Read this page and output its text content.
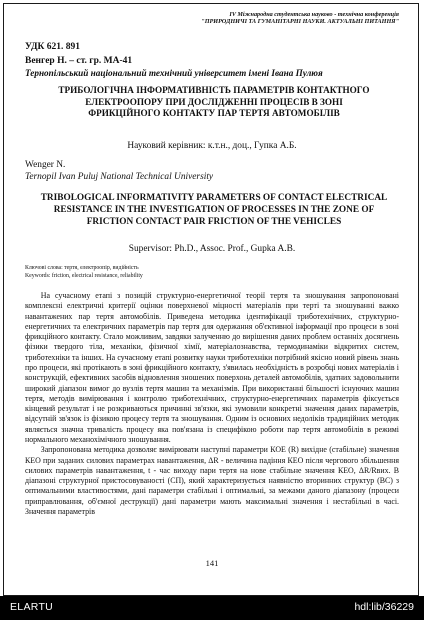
IV Міжнародна студентська науково - технічна конференція
"ПРИРОДНИЧІ ТА ГУМАНІТАРНІ НАУКИ. АКТУАЛЬНІ ПИТАННЯ"
УДК 621. 891
Венгер Н. – ст. гр. МА-41
Тернопільський національний технічний університет імені Івана Пулюя
ТРИБОЛОГІЧНА ІНФОРМАТИВНІСТЬ ПАРАМЕТРІВ КОНТАКТНОГО ЕЛЕКТРООПОРУ ПРИ ДОСЛІДЖЕННІ ПРОЦЕСІВ В ЗОНІ ФРИКЦІЙНОГО КОНТАКТУ ПАР ТЕРТЯ АВТОМОБІЛІВ
Науковий керівник: к.т.н., доц., Гупка А.Б.
Wenger N.
Ternopil Ivan Puluj National Technical University
TRIBOLOGICAL INFORMATIVITY PARAMETERS OF CONTACT ELECTRICAL RESISTANCE IN THE INVESTIGATION OF PROCESSES IN THE ZONE OF FRICTION CONTACT PAIR FRICTION OF THE VEHICLES
Supervisor: Ph.D., Assoc. Prof., Gupka A.B.
Ключові слова: тертя, електроопір, видійність
Keywords: friction, electrical resistance, reliability

На сучасному етапі з позицій структурно-енергетичної теорії тертя та зношування запропоновані комплексні електричні критерії оцінки поверхневої міцності матеріалів при терті та зношуванні важко навантажених пар тертя автомобілів. Приведена методика ідентифікації триботехнічних, структурно-енергетичних та електричних параметрів пар тертя для одержання об'єктивної інформації про процеси в зоні фрикційного контакту. Стало можливим, завдяки залученню до вирішення даних проблем останніх досягнень фізики твердого тіла, механіки, фізичної хімії, матеріалознавства, термодинаміки відкритих систем, триботехніки та інших. На сучасному етапі розвитку науки триботехніки потрібний якісно новий рівень знань про процеси, які протікають в зоні фрикційного контакту, з'явилась необхідність в розробці нових матеріалів і конструкцій, ефективних засобів відновлення зношених поверхонь деталей автомобілів, здатних задовольнити широкий діапазон вимог до вузлів тертя машин та механізмів. При використанні більшості існуючих машин тертя, методів вимірювання і контролю триботехнічних, структурно-енергетичних параметрів фіксується кінцевий результат і не розкриваються причинні зв'язки, які зумовили конкретні значення даних параметрів, відсутній зв'язок із фізикою процесу тертя та зношування. Одним із основних недоліків традиційних методик являється значна тривалість процесу яка пов'язана із специфікою роботи пар тертя автомобілів в режимі нормального механохімічного зношування.

Запропонована методика дозволяє вимірювати наступні параметри КОЕ (R) вихідне (стабільне) значення КЕО при заданих силових параметрах навантаження, ΔR - величина падіння КЕО після чергового збільшення силових параметрів навантаження, t - час виходу пари тертя на нове стабільне значення КЕО, ΔR/Rвих. В діапазоні структурної пристосовуваності (СП), який характеризується наявністю вторинних структур (ВС) з оптимальними властивостями, дані параметри стабільні і оптимальні, за межами даного діапазону (процеси приправлювання, об'ємної деструкції) дані параметри мають максимальні значення і нестабільні в часі. Значення параметрів

141
ELARTU	hdl:lib/36229
